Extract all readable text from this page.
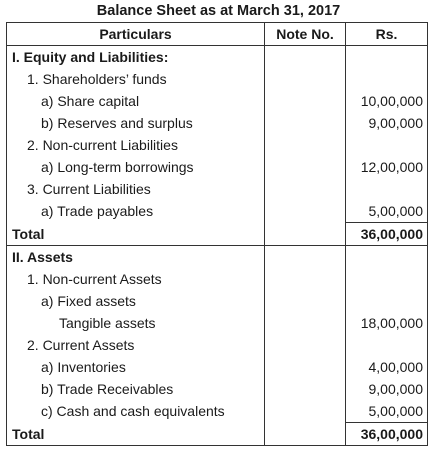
Balance Sheet as at March 31, 2017
Particulars	Note No.	Rs.
I. Equity and Liabilities:		
1. Shareholders’ funds		
a) Share capital		10,00,000
b) Reserves and surplus		9,00,000
2. Non-current Liabilities		
a) Long-term borrowings		12,00,000
3. Current Liabilities		
a) Trade payables		5,00,000
Total		36,00,000
II. Assets		
1. Non-current Assets		
a) Fixed assets		
Tangible assets		18,00,000
2. Current Assets		
a) Inventories		4,00,000
b) Trade Receivables		9,00,000
c) Cash and cash equivalents		5,00,000
Total		36,00,000
